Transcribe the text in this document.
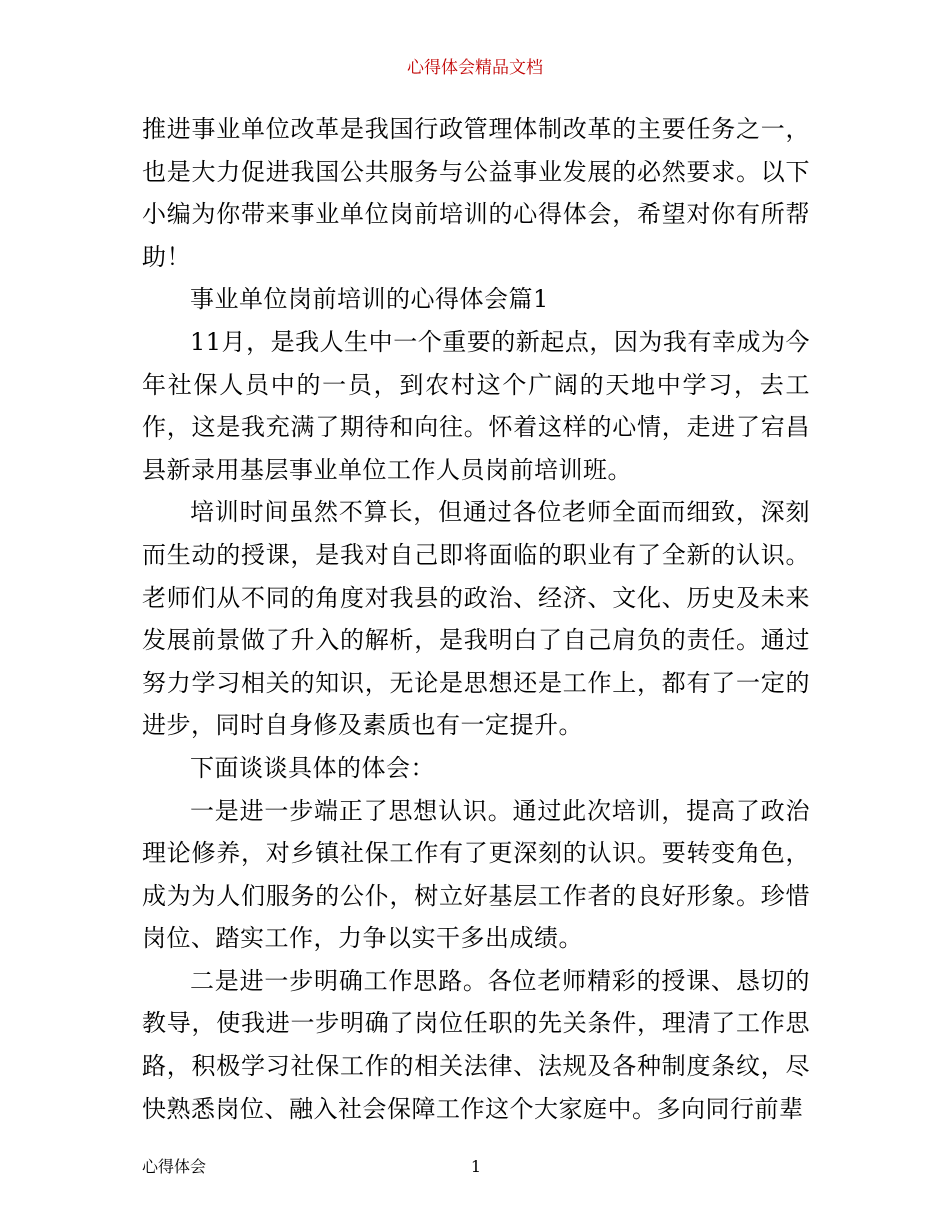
心得体会精品文档

推进事业单位改革是我国行政管理体制改革的主要任务之一，也是大力促进我国公共服务与公益事业发展的必然要求。以下小编为你带来事业单位岗前培训的心得体会，希望对你有所帮助！

事业单位岗前培训的心得体会篇1

11月，是我人生中一个重要的新起点，因为我有幸成为今年社保人员中的一员，到农村这个广阔的天地中学习，去工作，这是我充满了期待和向往。怀着这样的心情，走进了宕昌县新录用基层事业单位工作人员岗前培训班。

培训时间虽然不算长，但通过各位老师全面而细致，深刻而生动的授课，是我对自己即将面临的职业有了全新的认识。老师们从不同的角度对我县的政治、经济、文化、历史及未来发展前景做了升入的解析，是我明白了自己肩负的责任。通过努力学习相关的知识，无论是思想还是工作上，都有了一定的进步，同时自身修及素质也有一定提升。

下面谈谈具体的体会：

一是进一步端正了思想认识。通过此次培训，提高了政治理论修养，对乡镇社保工作有了更深刻的认识。要转变角色，成为为人们服务的公仆，树立好基层工作者的良好形象。珍惜岗位、踏实工作，力争以实干多出成绩。

二是进一步明确工作思路。各位老师精彩的授课、恳切的教导，使我进一步明确了岗位任职的先关条件，理清了工作思路，积极学习社保工作的相关法律、法规及各种制度条纹，尽快熟悉岗位、融入社会保障工作这个大家庭中。多向同行前辈

心得体会	1
